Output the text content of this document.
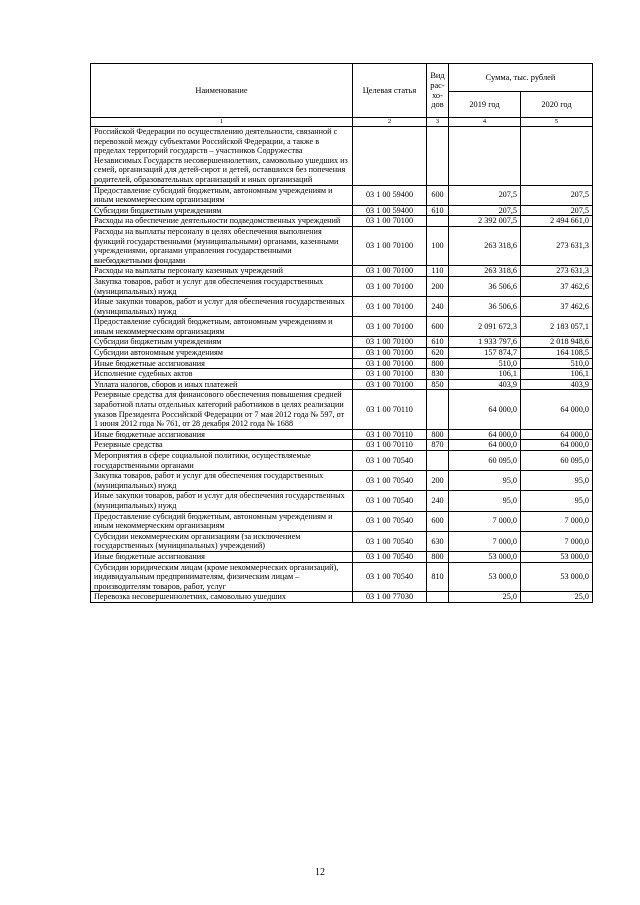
Наименование	Целевая статья	Вид рас-хо-дов	Сумма, тыс. рублей	
			2019 год	2020 год
1	2	3	4	5
Российской Федерации по осуществлению деятельности, связанной с перевозкой между субъектами Российской Федерации, а также в пределах территорий государств – участников Содружества Независимых Государств несовершеннолетних, самовольно ушедших из семей, организаций для детей-сирот и детей, оставшихся без попечения родителей, образовательных организаций и иных организаций				
Предоставление субсидий бюджетным, автономным учреждениям и иным некоммерческим организациям	03 1 00 59400	600	207,5	207,5
Субсидии бюджетным учреждениям	03 1 00 59400	610	207,5	207,5
Расходы на обеспечение деятельности подведомственных учреждений	03 1 00 70100		2 392 007,5	2 494 661,0
Расходы на выплаты персоналу в целях обеспечения выполнения функций государственными (муниципальными) органами, казенными учреждениями, органами управления государственными внебюджетными фондами	03 1 00 70100	100	263 318,6	273 631,3
Расходы на выплаты персоналу казенных учреждений	03 1 00 70100	110	263 318,6	273 631,3
Закупка товаров, работ и услуг для обеспечения государственных (муниципальных) нужд	03 1 00 70100	200	36 506,6	37 462,6
Иные закупки товаров, работ и услуг для обеспечения государственных (муниципальных) нужд	03 1 00 70100	240	36 506,6	37 462,6
Предоставление субсидий бюджетным, автономным учреждениям и иным некоммерческим организациям	03 1 00 70100	600	2 091 672,3	2 183 057,1
Субсидии бюджетным учреждениям	03 1 00 70100	610	1 933 797,6	2 018 948,6
Субсидии автономным учреждениям	03 1 00 70100	620	157 874,7	164 108,5
Иные бюджетные ассигнования	03 1 00 70100	800	510,0	510,0
Исполнение судебных актов	03 1 00 70100	830	106,1	106,1
Уплата налогов, сборов и иных платежей	03 1 00 70100	850	403,9	403,9
Резервные средства для финансового обеспечения повышения средней заработной платы отдельных категорий работников в целях реализации указов Президента Российской Федерации от 7 мая 2012 года № 597, от 1 июня 2012 года № 761, от 28 декабря 2012 года № 1688	03 1 00 70110		64 000,0	64 000,0
Иные бюджетные ассигнования	03 1 00 70110	800	64 000,0	64 000,0
Резервные средства	03 1 00 70110	870	64 000,0	64 000,0
Мероприятия в сфере социальной политики, осуществляемые государственными органами	03 1 00 70540		60 095,0	60 095,0
Закупка товаров, работ и услуг для обеспечения государственных (муниципальных) нужд	03 1 00 70540	200	95,0	95,0
Иные закупки товаров, работ и услуг для обеспечения государственных (муниципальных) нужд	03 1 00 70540	240	95,0	95,0
Предоставление субсидий бюджетным, автономным учреждениям и иным некоммерческим организациям	03 1 00 70540	600	7 000,0	7 000,0
Субсидии некоммерческим организациям (за исключением государственных (муниципальных) учреждений)	03 1 00 70540	630	7 000,0	7 000,0
Иные бюджетные ассигнования	03 1 00 70540	800	53 000,0	53 000,0
Субсидии юридическим лицам (кроме некоммерческих организаций), индивидуальным предпринимателям, физическим лицам – производителям товаров, работ, услуг	03 1 00 70540	810	53 000,0	53 000,0
Перевозка несовершеннолетних, самовольно ушедших	03 1 00 77030		25,0	25,0
12
